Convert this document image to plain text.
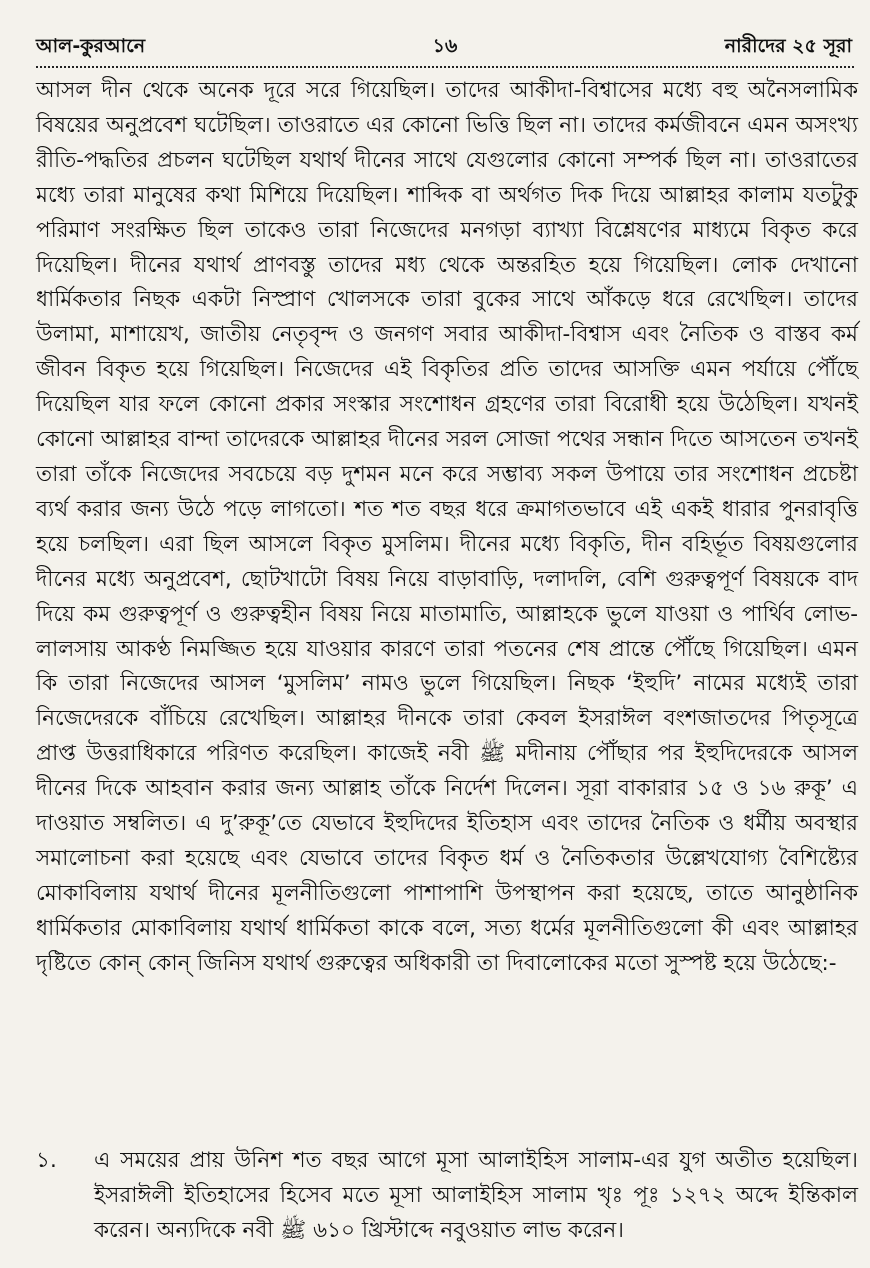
আল-কুরআনে	১৬	নারীদের ২৫ সূরা

আসল দীন থেকে অনেক দূরে সরে গিয়েছিল। তাদের আকীদা-বিশ্বাসের মধ্যে বহু অনৈসলামিক বিষয়ের অনুপ্রবেশ ঘটেছিল। তাওরাতে এর কোনো ভিত্তি ছিল না। তাদের কর্মজীবনে এমন অসংখ্য রীতি-পদ্ধতির প্রচলন ঘটেছিল যথার্থ দীনের সাথে যেগুলোর কোনো সম্পর্ক ছিল না। তাওরাতের মধ্যে তারা মানুষের কথা মিশিয়ে দিয়েছিল। শাব্দিক বা অর্থগত দিক দিয়ে আল্লাহর কালাম যতটুকু পরিমাণ সংরক্ষিত ছিল তাকেও তারা নিজেদের মনগড়া ব্যাখ্যা বিশ্লেষণের মাধ্যমে বিকৃত করে দিয়েছিল। দীনের যথার্থ প্রাণবস্তু তাদের মধ্য থেকে অন্তরহিত হয়ে গিয়েছিল। লোক দেখানো ধার্মিকতার নিছক একটা নিস্প্রাণ খোলসকে তারা বুকের সাথে আঁকড়ে ধরে রেখেছিল। তাদের উলামা, মাশায়েখ, জাতীয় নেতৃবৃন্দ ও জনগণ সবার আকীদা-বিশ্বাস এবং নৈতিক ও বাস্তব কর্ম জীবন বিকৃত হয়ে গিয়েছিল। নিজেদের এই বিকৃতির প্রতি তাদের আসক্তি এমন পর্যায়ে পৌঁছে দিয়েছিল যার ফলে কোনো প্রকার সংস্কার সংশোধন গ্রহণের তারা বিরোধী হয়ে উঠেছিল। যখনই কোনো আল্লাহর বান্দা তাদেরকে আল্লাহর দীনের সরল সোজা পথের সন্ধান দিতে আসতেন তখনই তারা তাঁকে নিজেদের সবচেয়ে বড় দুশমন মনে করে সম্ভাব্য সকল উপায়ে তার সংশোধন প্রচেষ্টা ব্যর্থ করার জন্য উঠে পড়ে লাগতো। শত শত বছর ধরে ক্রমাগতভাবে এই একই ধারার পুনরাবৃত্তি হয়ে চলছিল। এরা ছিল আসলে বিকৃত মুসলিম। দীনের মধ্যে বিকৃতি, দীন বহির্ভূত বিষয়গুলোর দীনের মধ্যে অনুপ্রবেশ, ছোটখাটো বিষয় নিয়ে বাড়াবাড়ি, দলাদলি, বেশি গুরুত্বপূর্ণ বিষয়কে বাদ দিয়ে কম গুরুত্বপূর্ণ ও গুরুত্বহীন বিষয় নিয়ে মাতামাতি, আল্লাহকে ভুলে যাওয়া ও পার্থিব লোভ-লালসায় আকণ্ঠ নিমজ্জিত হয়ে যাওয়ার কারণে তারা পতনের শেষ প্রান্তে পৌঁছে গিয়েছিল। এমন কি তারা নিজেদের আসল ‘মুসলিম’ নামও ভুলে গিয়েছিল। নিছক ‘ইহুদি’ নামের মধ্যেই তারা নিজেদেরকে বাঁচিয়ে রেখেছিল। আল্লাহর দীনকে তারা কেবল ইসরাঈল বংশজাতদের পিতৃসূত্রে প্রাপ্ত উত্তরাধিকারে পরিণত করেছিল। কাজেই নবী ﷺ মদীনায় পৌঁছার পর ইহুদিদেরকে আসল দীনের দিকে আহবান করার জন্য আল্লাহ তাঁকে নির্দেশ দিলেন। সূরা বাকারার ১৫ ও ১৬ রুকূ’ এ দাওয়াত সম্বলিত। এ দু’রুকূ’তে যেভাবে ইহুদিদের ইতিহাস এবং তাদের নৈতিক ও ধর্মীয় অবস্থার সমালোচনা করা হয়েছে এবং যেভাবে তাদের বিকৃত ধর্ম ও নৈতিকতার উল্লেখযোগ্য বৈশিষ্ট্যের মোকাবিলায় যথার্থ দীনের মূলনীতিগুলো পাশাপাশি উপস্থাপন করা হয়েছে, তাতে আনুষ্ঠানিক ধার্মিকতার মোকাবিলায় যথার্থ ধার্মিকতা কাকে বলে, সত্য ধর্মের মূলনীতিগুলো কী এবং আল্লাহর দৃষ্টিতে কোন্ কোন্ জিনিস যথার্থ গুরুত্বের অধিকারী তা দিবালোকের মতো সুস্পষ্ট হয়ে উঠেছে:-

১. এ সময়ের প্রায় উনিশ শত বছর আগে মূসা আলাইহিস সালাম-এর যুগ অতীত হয়েছিল। ইসরাঈলী ইতিহাসের হিসেব মতে মূসা আলাইহিস সালাম খৃঃ পূঃ ১২৭২ অব্দে ইন্তিকাল করেন। অন্যদিকে নবী ﷺ ৬১০ খ্রিস্টাব্দে নবুওয়াত লাভ করেন।
